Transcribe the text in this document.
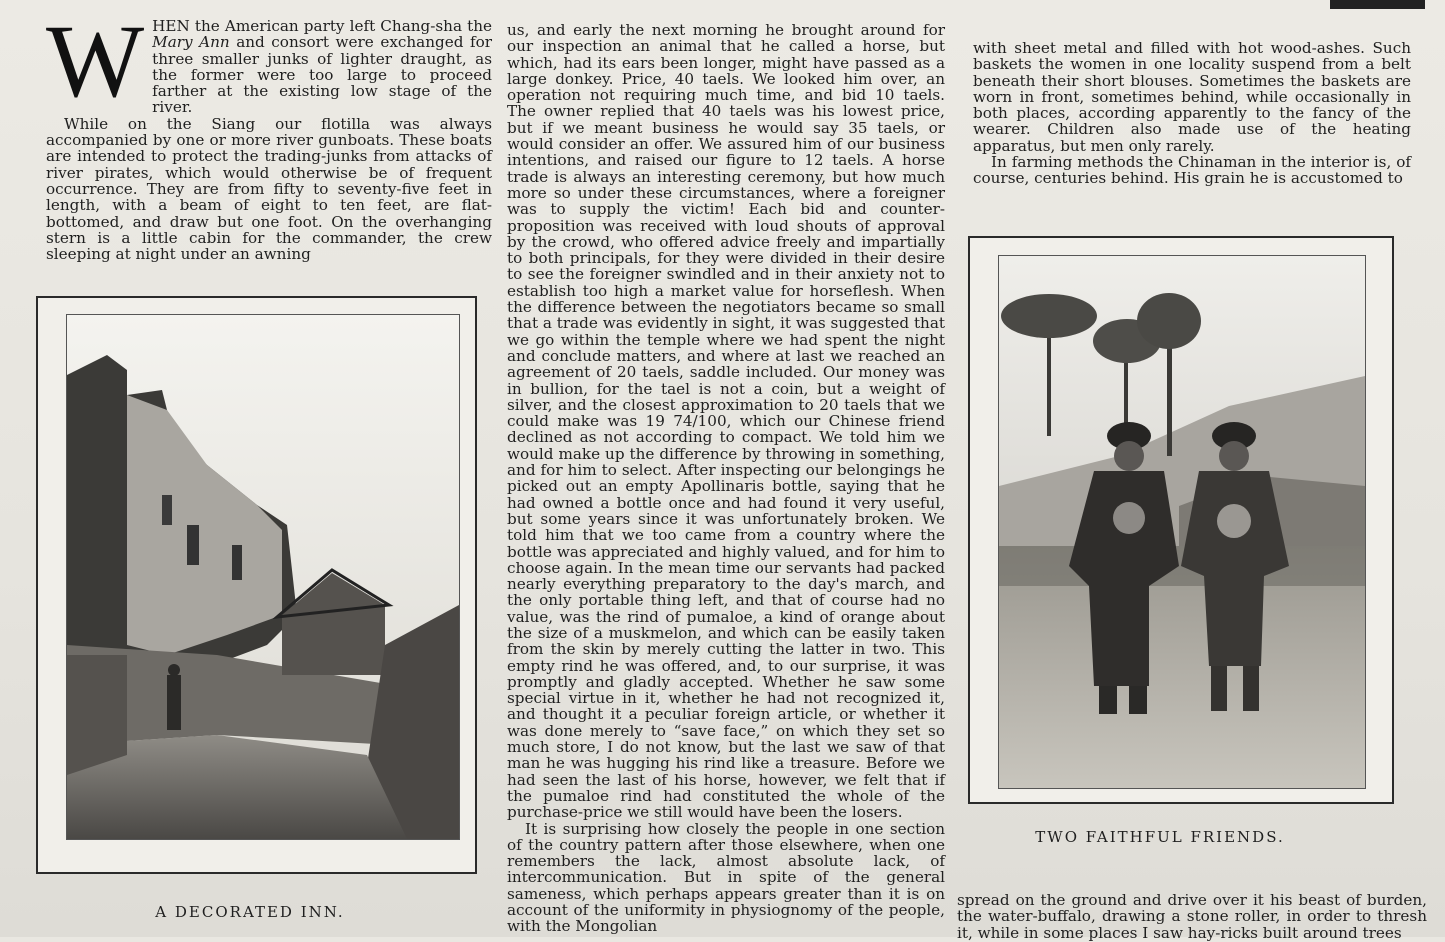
WHEN the American party left Chang-sha the Mary Ann and consort were exchanged for three smaller junks of lighter draught, as the former were too large to proceed farther at the existing low stage of the river.

While on the Siang our flotilla was always accompanied by one or more river gunboats. These boats are intended to protect the trading-junks from attacks of river pirates, which would otherwise be of frequent occurrence. They are from fifty to seventy-five feet in length, with a beam of eight to ten feet, are flat-bottomed, and draw but one foot. On the overhanging stern is a little cabin for the commander, the crew sleeping at night under an awning

A DECORATED INN.

us, and early the next morning he brought around for our inspection an animal that he called a horse, but which, had its ears been longer, might have passed as a large donkey. Price, 40 taels. We looked him over, an operation not requiring much time, and bid 10 taels. The owner replied that 40 taels was his lowest price, but if we meant business he would say 35 taels, or would consider an offer. We assured him of our business intentions, and raised our figure to 12 taels. A horse trade is always an interesting ceremony, but how much more so under these circumstances, where a foreigner was to supply the victim! Each bid and counter-proposition was received with loud shouts of approval by the crowd, who offered advice freely and impartially to both principals, for they were divided in their desire to see the foreigner swindled and in their anxiety not to establish too high a market value for horseflesh. When the difference between the negotiators became so small that a trade was evidently in sight, it was suggested that we go within the temple where we had spent the night and conclude matters, and where at last we reached an agreement of 20 taels, saddle included. Our money was in bullion, for the tael is not a coin, but a weight of silver, and the closest approximation to 20 taels that we could make was 19 74/100, which our Chinese friend declined as not according to compact. We told him we would make up the difference by throwing in something, and for him to select. After inspecting our belongings he picked out an empty Apollinaris bottle, saying that he had owned a bottle once and had found it very useful, but some years since it was unfortunately broken. We told him that we too came from a country where the bottle was appreciated and highly valued, and for him to choose again. In the mean time our servants had packed nearly everything preparatory to the day's march, and the only portable thing left, and that of course had no value, was the rind of pumaloe, a kind of orange about the size of a muskmelon, and which can be easily taken from the skin by merely cutting the latter in two. This empty rind he was offered, and, to our surprise, it was promptly and gladly accepted. Whether he saw some special virtue in it, whether he had not recognized it, and thought it a peculiar foreign article, or whether it was done merely to “save face,” on which they set so much store, I do not know, but the last we saw of that man he was hugging his rind like a treasure. Before we had seen the last of his horse, however, we felt that if the pumaloe rind had constituted the whole of the purchase-price we still would have been the losers.

It is surprising how closely the people in one section of the country pattern after those elsewhere, when one remembers the lack, almost absolute lack, of intercommunication. But in spite of the general sameness, which perhaps appears greater than it is on account of the uniformity in physiognomy of the people, with the Mongolian

with sheet metal and filled with hot wood-ashes. Such baskets the women in one locality suspend from a belt beneath their short blouses. Sometimes the baskets are worn in front, sometimes behind, while occasionally in both places, according apparently to the fancy of the wearer. Children also made use of the heating apparatus, but men only rarely.

In farming methods the Chinaman in the interior is, of course, centuries behind. His grain he is accustomed to

TWO FAITHFUL FRIENDS.

spread on the ground and drive over it his beast of burden, the water-buffalo, drawing a stone roller, in order to thresh it, while in some places I saw hay-ricks built around trees
